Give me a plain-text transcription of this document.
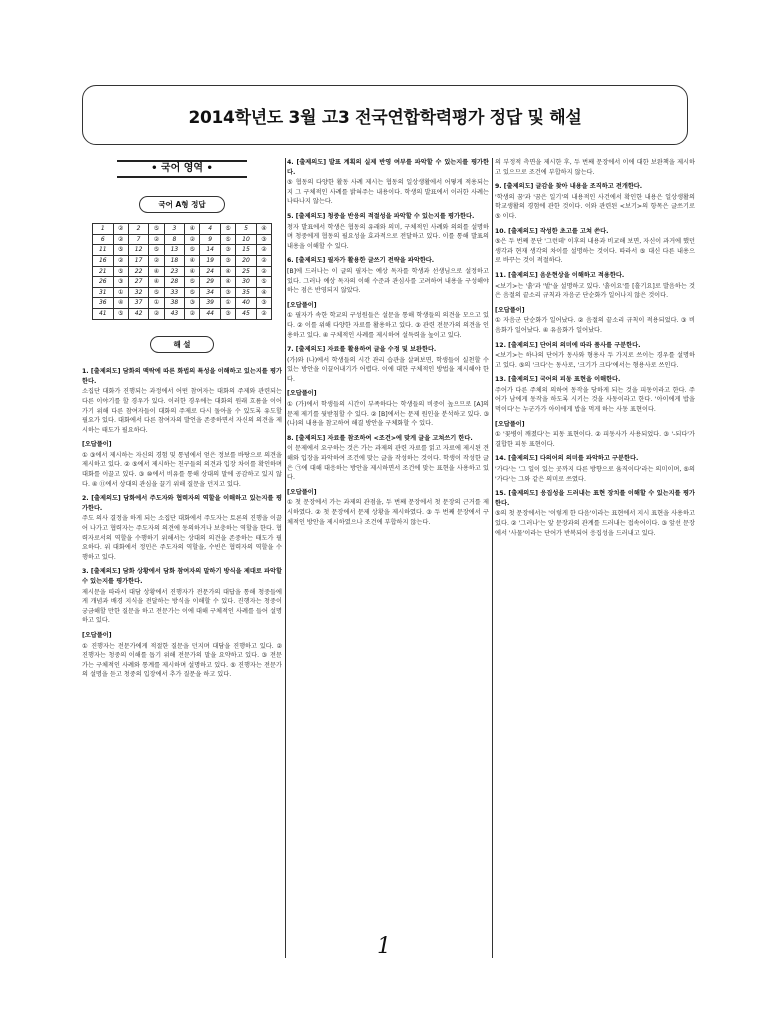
2014학년도 3월 고3 전국연합학력평가 정답 및 해설
• 국어 영역 •
국어 A형 정답
1	②	2	⑤	3	④	4	⑤	5	④
6	②	7	②	8	②	9	⑤	10	③
11	⑤	12	⑤	13	⑤	14	③	15	②
16	②	17	②	18	④	19	③	20	②
21	⑤	22	④	23	④	24	④	25	②
26	③	27	④	28	⑤	29	④	30	⑤
31	①	32	⑤	33	⑤	34	③	35	④
36	④	37	①	38	③	39	①	40	③
41	⑤	42	②	43	②	44	③	45	②
해 설
1. [출제의도] 담화의 맥락에 따른 화법의 특성을 이해하고 있는지를 평가한다.
소집단 대화가 진행되는 과정에서 어떤 참여자는 대화의 주제와 관련되는 다른 이야기를 할 경우가 있다. 이러한 경우에는 대화의 원래 흐름을 이어가기 위해 다른 참여자들이 대화의 주제로 다시 돌아올 수 있도록 유도할 필요가 있다. 대화에서 다른 참여자의 발언을 존중하면서 자신의 의견을 제시하는 태도가 필요하다.
[오답풀이]
① ③에서 제시하는 자신의 경험 및 통념에서 얻은 정보를 바탕으로 의견을 제시하고 있다. ② ⑤에서 제시하는 친구들의 의견과 입장 차이를 확인하며 대화를 이끌고 있다. ③ ⑩에서 비유를 통해 상대의 말에 공감하고 있지 않다. ④ ⑪에서 상대의 관심을 끌기 위해 질문을 던지고 있다.
2. [출제의도] 담화에서 주도자와 협력자의 역할을 이해하고 있는지를 평가한다.
주도 의사 결정을 하게 되는 소집단 대화에서 주도자는 토론의 진행을 이끌어 나가고 협력자는 주도자의 의견에 동의하거나 보충하는 역할을 한다. 협력자로서의 역할을 수행하기 위해서는 상대의 의견을 존중하는 태도가 필요하다. 위 대화에서 정민은 주도자의 역할을, 수빈은 협력자의 역할을 수행하고 있다.
3. [출제의도] 담화 상황에서 담화 참여자의 말하기 방식을 제대로 파악할 수 있는지를 평가한다.
제시문을 따라서 대담 상황에서 진행자가 전문가의 대답을 통해 청중들에게 개념과 배경 지식을 전달하는 방식을 이해할 수 있다. 진행자는 청중이 궁금해할 만한 질문을 하고 전문가는 이에 대해 구체적인 사례를 들어 설명하고 있다.
[오답풀이]
① 진행자는 전문가에게 적절한 질문을 던지며 대담을 진행하고 있다. ② 진행자는 청중의 이해를 돕기 위해 전문가의 말을 요약하고 있다. ③ 전문가는 구체적인 사례와 통계를 제시하며 설명하고 있다. ⑤ 진행자는 전문가의 설명을 듣고 청중의 입장에서 추가 질문을 하고 있다.
4. [출제의도] 발표 계획의 실제 반영 여부를 파악할 수 있는지를 평가한다.
⑤ 협동의 다양한 활동 사례 제시는 협동의 일상생활에서 어떻게 적용되는지 그 구체적인 사례를 밝혀주는 내용이다. 학생의 발표에서 이러한 사례는 나타나지 않는다.
5. [출제의도] 청중을 반응의 적절성을 파악할 수 있는지를 평가한다.
청자 발표에서 학생은 협동의 유래와 의미, 구체적인 사례와 의의를 설명하며 청중에게 협동의 필요성을 효과적으로 전달하고 있다. 이를 통해 발표의 내용을 이해할 수 있다.
6. [출제의도] 필자가 활용한 글쓰기 전략을 파악한다.
[B]에 드러나는 이 글의 필자는 예상 독자를 학생과 선생님으로 설정하고 있다. 그러나 예상 독자의 이해 수준과 관심사를 고려하여 내용을 구성해야 하는 점은 반영되지 않았다.
[오답풀이]
① 필자가 속한 학교의 구성원들은 설문을 통해 학생들의 의견을 모으고 있다. ② 이를 위해 다양한 자료를 활용하고 있다. ③ 관련 전문가의 의견을 인용하고 있다. ④ 구체적인 사례를 제시하여 설득력을 높이고 있다.
7. [출제의도] 자료를 활용하여 글을 수정 및 보완한다.
(가)와 (나)에서 학생들의 시간 관리 습관을 살펴보면, 학생들이 실천할 수 있는 방안을 이끌어내기가 어렵다. 이에 대한 구체적인 방법을 제시해야 한다.
[오답풀이]
① (가)에서 학생들의 시간이 부족하다는 학생들의 비중이 높으므로 [A]의 문제 제기를 뒷받침할 수 있다. ② [B]에서는 문제 원인을 분석하고 있다. ③ (나)의 내용을 참고하여 해결 방안을 구체화할 수 있다.
8. [출제의도] 자료를 참조하여 <조건>에 맞게 글을 고쳐쓰기 한다.
이 문제에서 요구하는 것은 가는 과제의 관련 자료를 읽고 자료에 제시된 견해와 입장을 파악하여 조건에 맞는 글을 작성하는 것이다. 학생이 작성한 글은 ㉠에 대해 대응하는 방안을 제시하면서 조건에 맞는 표현을 사용하고 있다.
[오답풀이]
① 첫 문장에서 가는 과제의 관점을, 두 번째 문장에서 첫 문장의 근거를 제시하였다. ② 첫 문장에서 문제 상황을 제시하였다. ③ 두 번째 문장에서 구체적인 방안을 제시하였으나 조건에 부합하지 않는다.
의 부정적 측면을 제시한 후, 두 번째 문장에서 이에 대한 보완책을 제시하고 있으므로 조건에 부합하지 않는다.
9. [출제의도] 글감을 찾아 내용을 조직하고 전개한다.
'학생의 꿈'과 '꿈은 일기'의 내용적인 사건에서 확인한 내용은 일상생활의 학교생활의 경험에 관한 것이다. 이와 관련된 <보기>의 항목은 글쓰기로 ⑤ 이다.
10. [출제의도] 작성한 초고를 고쳐 쓴다.
⑤은 두 번째 문단 '그런데' 이후의 내용과 비교해 보면, 자신이 과거에 했던 생각과 현재 생각의 차이를 설명하는 것이다. 따라서 ⑤ 대신 다른 내용으로 바꾸는 것이 적절하다.
11. [출제의도] 음운현상을 이해하고 적용한다.
<보기>는 '흙'과 '밭'을 설명하고 있다. '흙이요'를 [흘기요]로 발음하는 것은 음절의 끝소리 규칙과 자음군 단순화가 일어나지 않은 것이다.
[오답풀이]
① 자음군 단순화가 일어났다. ② 음절의 끝소리 규칙이 적용되었다. ③ 비음화가 일어났다. ④ 유음화가 일어났다.
12. [출제의도] 단어의 의미에 따라 품사를 구분한다.
<보기>는 하나의 단어가 동사와 형용사 두 가지로 쓰이는 경우를 설명하고 있다. ⑤의 '크다'는 동사로, '크기가 크다'에서는 형용사로 쓰인다.
13. [출제의도] 국어의 피동 표현을 이해한다.
주어가 다른 주체의 의하여 동작을 당하게 되는 것을 피동이라고 한다. 주어가 남에게 동작을 하도록 시키는 것을 사동이라고 한다. '아이에게 밥을 먹이다'는 누군가가 아이에게 밥을 먹게 하는 사동 표현이다.
[오답풀이]
① '꽃병이 깨졌다'는 피동 표현이다. ② 피동사가 사용되었다. ③ '-되다'가 결합한 피동 표현이다.
14. [출제의도] 다의어의 의미를 파악하고 구분한다.
'가다'는 '그 일이 있는 곳까지 다른 방향으로 움직이다'라는 의미이며, ⑤의 '가다'는 그와 같은 의미로 쓰였다.
15. [출제의도] 응집성을 드러내는 표현 장치를 이해할 수 있는지를 평가한다.
⑤의 첫 문장에서는 '이렇게 한 다음'이라는 표현에서 지시 표현을 사용하고 있다. ② '그러나'는 앞 문장과의 관계를 드러내는 접속어이다. ③ 앞선 문장에서 '사물'이라는 단어가 반복되어 응집성을 드러내고 있다.
1
